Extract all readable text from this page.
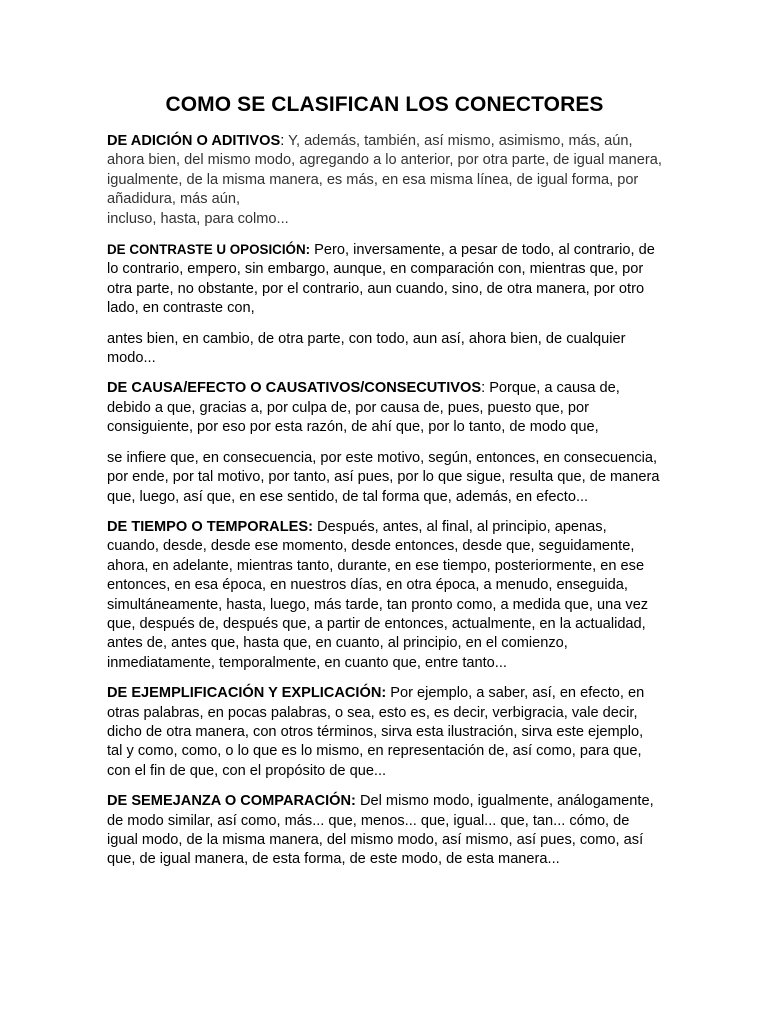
COMO SE CLASIFICAN LOS CONECTORES

DE ADICIÓN O ADITIVOS: Y, además, también, así mismo, asimismo, más, aún, ahora bien, del mismo modo, agregando a lo anterior, por otra parte, de igual manera, igualmente, de la misma manera, es más, en esa misma línea, de igual forma, por añadidura, más aún,
incluso, hasta, para colmo...

DE CONTRASTE U OPOSICIÓN: Pero, inversamente, a pesar de todo, al contrario, de lo contrario, empero, sin embargo, aunque, en comparación con, mientras que, por otra parte, no obstante, por el contrario, aun cuando, sino, de otra manera, por otro lado, en contraste con,

antes bien, en cambio, de otra parte, con todo, aun así, ahora bien, de cualquier modo...

DE CAUSA/EFECTO O CAUSATIVOS/CONSECUTIVOS: Porque, a causa de, debido a que, gracias a, por culpa de, por causa de, pues, puesto que, por consiguiente, por eso por esta razón, de ahí que, por lo tanto, de modo que,

se infiere que, en consecuencia, por este motivo, según, entonces, en consecuencia, por ende, por tal motivo, por tanto, así pues, por lo que sigue, resulta que, de manera que, luego, así que, en ese sentido, de tal forma que, además, en efecto...

DE TIEMPO O TEMPORALES: Después, antes, al final, al principio, apenas, cuando, desde, desde ese momento, desde entonces, desde que, seguidamente, ahora, en adelante, mientras tanto, durante, en ese tiempo, posteriormente, en ese entonces, en esa época, en nuestros días, en otra época, a menudo, enseguida, simultáneamente, hasta, luego, más tarde, tan pronto como, a medida que, una vez que, después de, después que, a partir de entonces, actualmente, en la actualidad, antes de, antes que, hasta que, en cuanto, al principio, en el comienzo, inmediatamente, temporalmente, en cuanto que, entre tanto...

DE EJEMPLIFICACIÓN Y EXPLICACIÓN: Por ejemplo, a saber, así, en efecto, en otras palabras, en pocas palabras, o sea, esto es, es decir, verbigracia, vale decir, dicho de otra manera, con otros términos, sirva esta ilustración, sirva este ejemplo, tal y como, como, o lo que es lo mismo, en representación de, así como, para que, con el fin de que, con el propósito de que...

DE SEMEJANZA O COMPARACIÓN: Del mismo modo, igualmente, análogamente, de modo similar, así como, más... que, menos... que, igual... que, tan... cómo, de igual modo, de la misma manera, del mismo modo, así mismo, así pues, como, así que, de igual manera, de esta forma, de este modo, de esta manera...
